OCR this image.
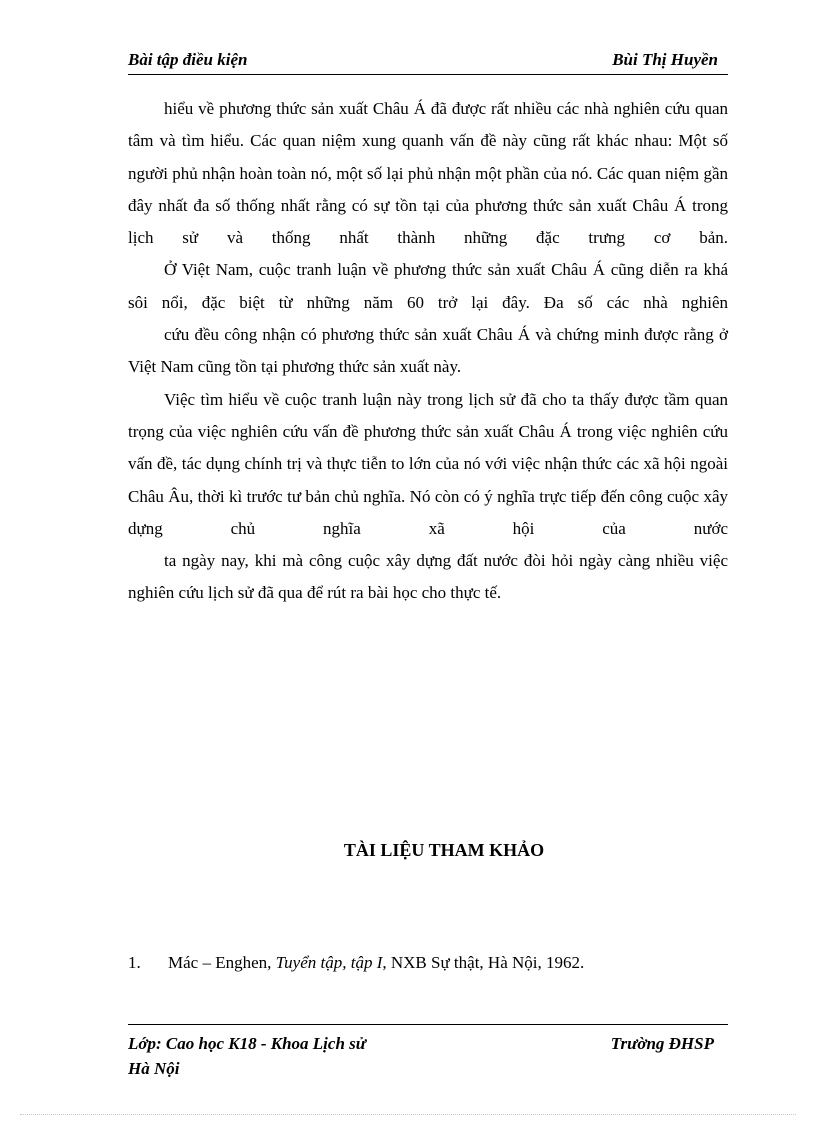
Bài tập điều kiện	Bùi Thị Huyền

hiểu về phương thức sản xuất Châu Á đã được rất nhiều các nhà nghiên cứu quan tâm và tìm hiểu. Các quan niệm xung quanh vấn đề này cũng rất khác nhau: Một số người phủ nhận hoàn toàn nó, một số lại phủ nhận một phần của nó. Các quan niệm gần đây nhất đa số thống nhất rằng có sự tồn tại của phương thức sản xuất Châu Á trong lịch sử và thống nhất thành những đặc trưng cơ bản.

Ở Việt Nam, cuộc tranh luận về phương thức sản xuất Châu Á cũng diễn ra khá sôi nổi, đặc biệt từ những năm 60 trở lại đây. Đa số các nhà nghiên

cứu đều công nhận có phương thức sản xuất Châu Á và chứng minh được rằng ở Việt Nam cũng tồn tại phương thức sản xuất này.

Việc tìm hiểu về cuộc tranh luận này trong lịch sử đã cho ta thấy được tầm quan trọng của việc nghiên cứu vấn đề phương thức sản xuất Châu Á trong việc nghiên cứu vấn đề, tác dụng chính trị và thực tiễn to lớn của nó với việc nhận thức các xã hội ngoài Châu Âu, thời kì trước tư bản chủ nghĩa. Nó còn có ý nghĩa trực tiếp đến công cuộc xây dựng chủ nghĩa xã hội của nước

ta ngày nay, khi mà công cuộc xây dựng đất nước đòi hỏi ngày càng nhiều việc nghiên cứu lịch sử đã qua để rút ra bài học cho thực tế.

TÀI LIỆU THAM KHẢO
1. Mác – Enghen, Tuyển tập, tập I, NXB Sự thật, Hà Nội, 1962.
Lớp: Cao học K18 - Khoa Lịch sử	Trường ĐHSP
Hà Nội
